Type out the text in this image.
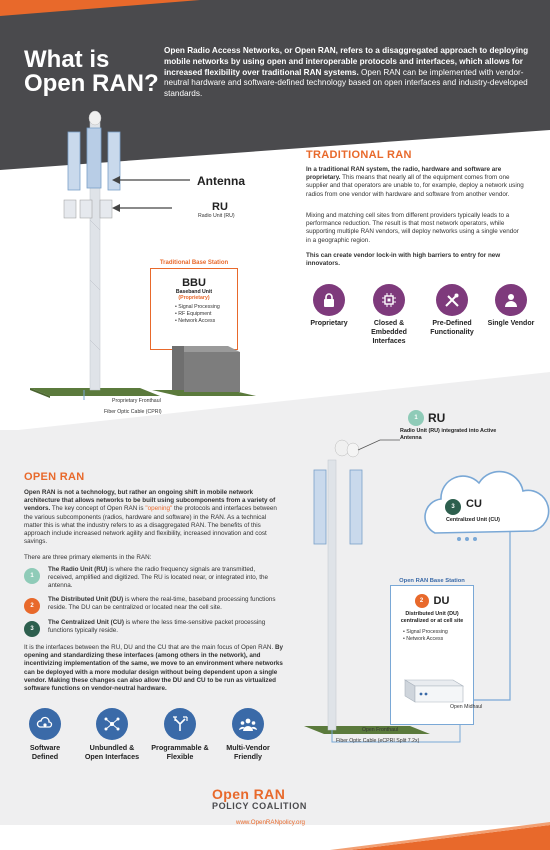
What is
Open RAN?
Open Radio Access Networks, or Open RAN, refers to a disaggregated approach to deploying mobile networks by using open and interoperable protocols and interfaces, which allows for increased flexibility over traditional RAN systems. Open RAN can be implemented with vendor-neutral hardware and software-defined technology based on open interfaces and industry-developed standards.
Antenna
RU
Radio Unit (RU)
Traditional Base Station
BBU
Baseband Unit
(Proprietary)
• Signal Processing
• RF Equipment
• Network Access
Proprietary Fronthaul
Fiber Optic Cable (CPRI)
TRADITIONAL RAN
In a traditional RAN system, the radio, hardware and software are proprietary. This means that nearly all of the equipment comes from one supplier and that operators are unable to, for example, deploy a network using radios from one vendor with hardware and software from another vendor.
Mixing and matching cell sites from different providers typically leads to a performance reduction. The result is that most network operators, while supporting multiple RAN vendors, will deploy networks using a single vendor in a geographic region.
This can create vendor lock-in with high barriers to entry for new innovators.
Proprietary	Closed & Embedded Interfaces
Pre-Defined Functionality
Single Vendor
OPEN RAN
Open RAN is not a technology, but rather an ongoing shift in mobile network architecture that allows networks to be built using subcomponents from a variety of vendors. The key concept of Open RAN is "opening" the protocols and interfaces between the various subcomponents (radios, hardware and software) in the RAN. As a technical matter this is what the industry refers to as a disaggregated RAN. The benefits of this approach include increased network agility and flexibility, increased innovation and cost savings.
There are three primary elements in the RAN:
1
The Radio Unit (RU) is where the radio frequency signals are transmitted, received, amplified and digitized. The RU is located near, or integrated into, the antenna.
2
The Distributed Unit (DU) is where the real-time, baseband processing functions reside. The DU can be centralized or located near the cell site.
3
The Centralized Unit (CU) is where the less time-sensitive packet processing functions typically reside.
It is the interfaces between the RU, DU and the CU that are the main focus of Open RAN. By opening and standardizing these interfaces (among others in the network), and incentivizing implementation of the same, we move to an environment where networks can be deployed with a more modular design without being dependent upon a single vendor. Making these changes can also allow the DU and CU to be run as virtualized software functions on vendor-neutral hardware.
Software Defined
Unbundled & Open Interfaces
Programmable & Flexible
Multi-Vendor Friendly
1 RU
Radio Unit (RU) integrated into Active Antenna
3	CU
Centralized Unit (CU)
Open RAN Base Station
2 DU
Distributed Unit (DU) centralized or at cell site
• Signal Processing
• Network Access
Open Midhaul
Open Fronthaul
Fiber Optic Cable (eCPRI Split 7.2x)
Open RAN
POLICY COALITION
www.OpenRANpolicy.org
